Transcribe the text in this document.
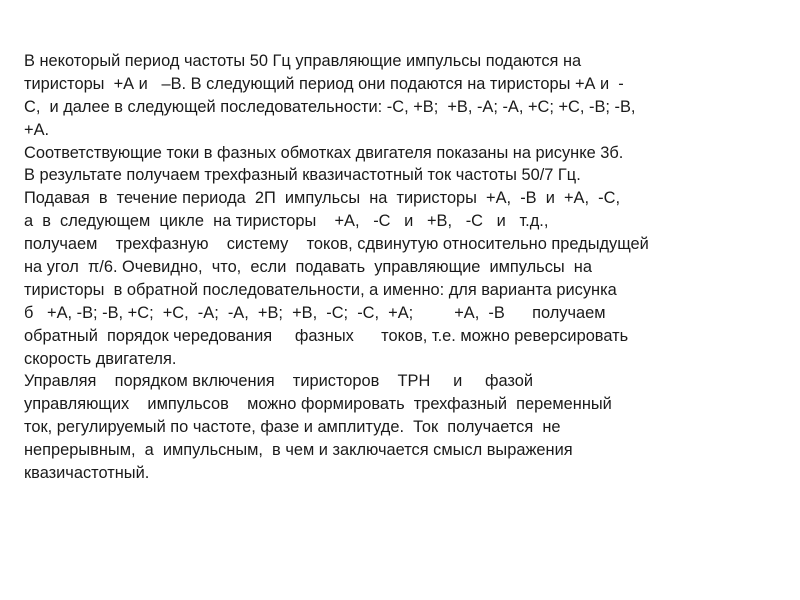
В некоторый период частоты 50 Гц управляющие импульсы подаются на
тиристоры  +А и   –В. В следующий период они подаются на тиристоры +А и  -
С,  и далее в следующей последовательности: -С, +В;  +В, -А; -А, +С; +С, -В; -В,
+А.
Соответствующие токи в фазных обмотках двигателя показаны на рисунке 3б.
В результате получаем трехфазный квазичастотный ток частоты 50/7 Гц.
Подавая  в  течение периода  2П  импульсы  на  тиристоры  +А,  -В  и  +А,  -С,
а  в  следующем  цикле  на тиристоры    +А,   -С   и   +В,   -С   и   т.д.,
получаем    трехфазную    систему    токов, сдвинутую относительно предыдущей
на угол  π/6. Очевидно,  что,  если  подавать  управляющие  импульсы  на
тиристоры  в обратной последовательности, а именно: для варианта рисунка
б   +А, -В; -В, +С;  +С,  -А;  -А,  +В;  +В,  -С;  -С,  +А;         +А,  -В      получаем
обратный  порядок чередования     фазных      токов, т.е. можно реверсировать
скорость двигателя.
Управляя    порядком включения    тиристоров    ТРН     и     фазой
управляющих    импульсов    можно формировать  трехфазный  переменный
ток, регулируемый по частоте, фазе и амплитуде.  Ток  получается  не
непрерывным,  а  импульсным,  в чем и заключается смысл выражения
квазичастотный.
